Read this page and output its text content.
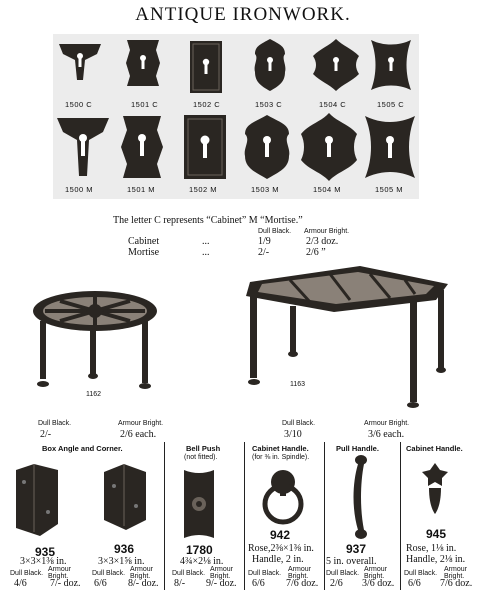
ANTIQUE IRONWORK.
1500 C	1501 C	1502 C	1503 C	1504 C	1505 C
1500 M	1501 M	1502 M	1503 M	1504 M	1505 M
The letter C represents “Cabinet” M “Mortise.”
Dull Black. Armour Bright.
Cabinet	...	1/9	2/3 doz.
Mortise	...	2/-	2/6 ”
1162
1163
Dull Black.
2/-
Armour Bright.
2/6 each.
Dull Black.
3/10
Armour Bright.
3/6 each.
Box Angle and Corner.
935	936
3×3×1⅜ in.	3×3×1⅝ in.
Dull Black.
Armour Bright.
4/6 7/- doz.
Dull Black.
Armour Bright.
6/6 8/- doz.
Bell Push
(not fitted).
1780
4¾×2⅛ in.
Dull Black.
Armour Bright.
8/- 9/- doz.
Cabinet Handle.
(for ⅜ in. Spindle).
942
Rose,2⅜×1⅜ in.
Handle, 2 in.
Dull Black.
Armour Bright.
6/6 7/6 doz.
Pull Handle.
937
5 in. overall.
Dull Black.
Armour Bright.
2/6 3/6 doz.
Cabinet Handle.
945
Rose, 1⅛ in.
Handle, 2⅛ in.
Dull Black.
Armour Bright.
6/6 7/6 doz.
